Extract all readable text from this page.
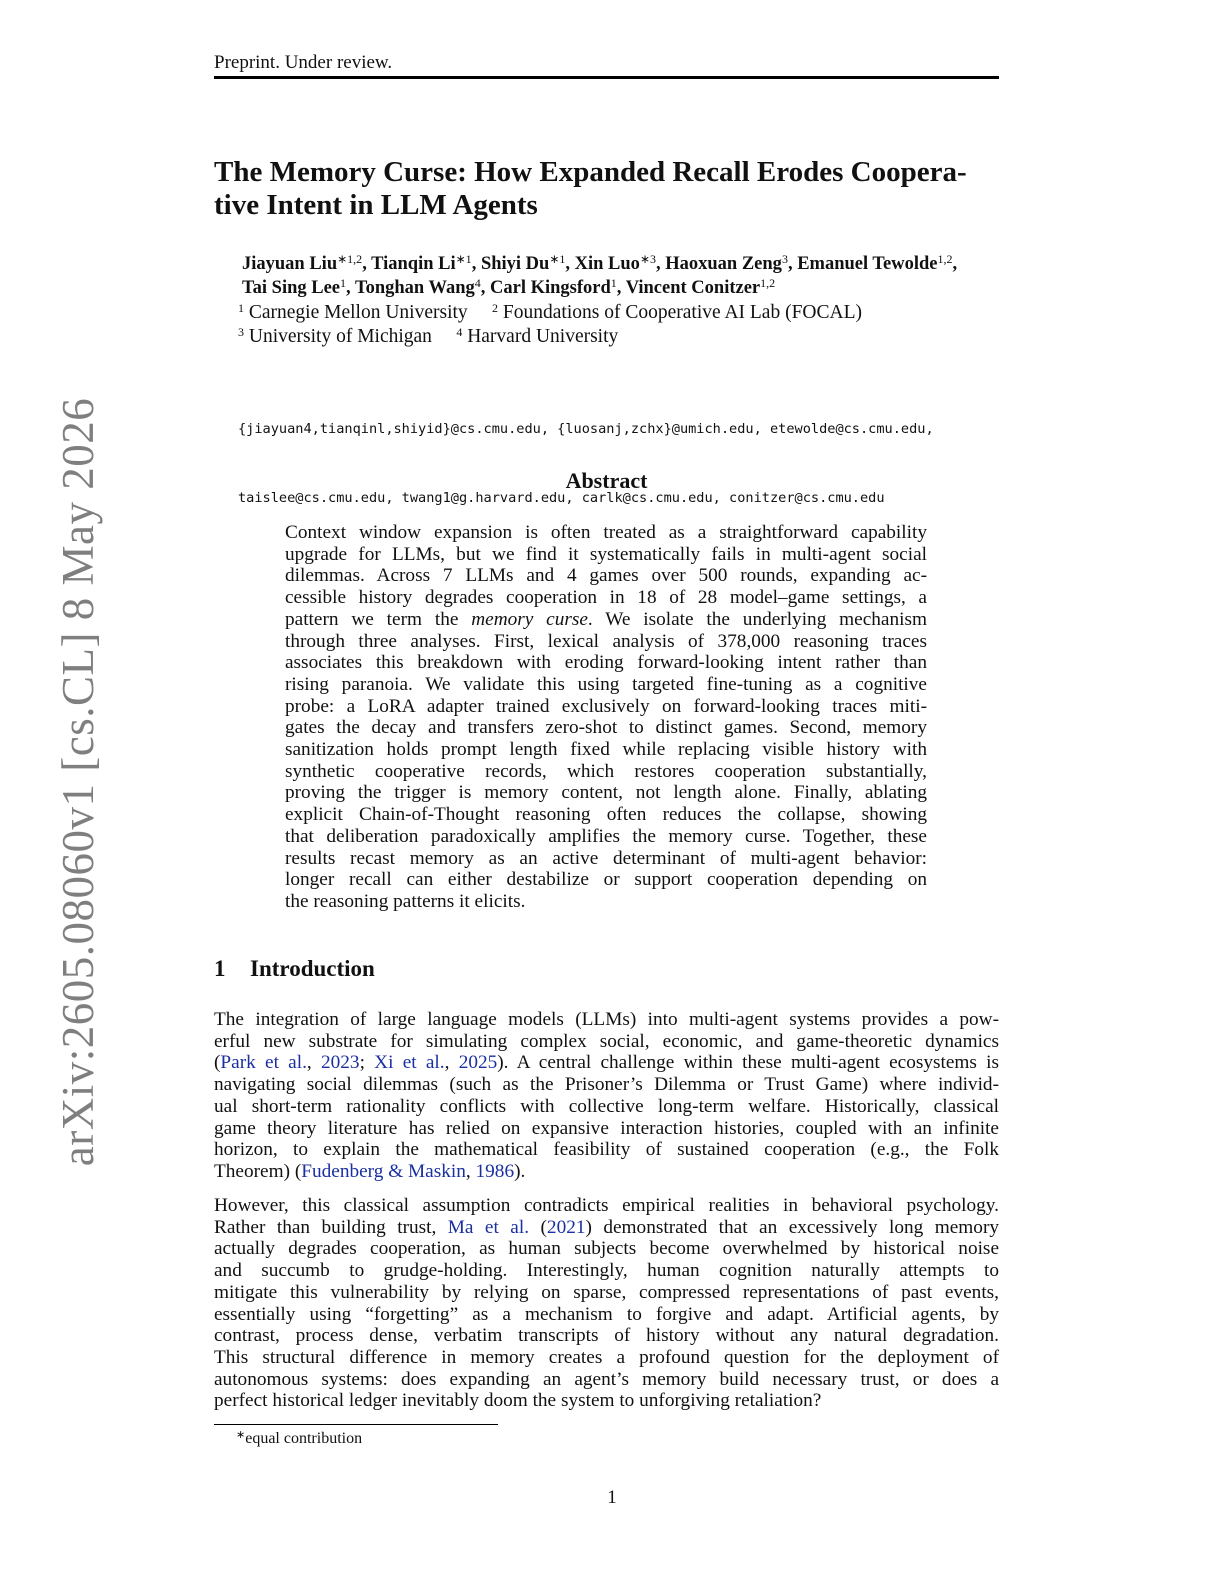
arXiv:2605.08060v1 [cs.CL] 8 May 2026
Preprint. Under review.
The Memory Curse: How Expanded Recall Erodes Coopera-
tive Intent in LLM Agents
Jiayuan Liu$^{∗1,2}$, Tianqin $Li^{∗1}$, Shiyi $Du^{∗1}$, Xin Luo$^{∗3}$, Haoxuan Zeng$^3$, Emanuel Tewolde$^{1,2}$,
Tai Sing Lee$^1$, Tonghan Wang$^4$, Carl Kingsford$^1$, Vincent Conitzer$^{1,2}$
$^1$ Carnegie Mellon University $^2$ Foundations of Cooperative AI Lab (FOCAL)
$^3$ University of Michigan $^4$ Harvard University

{jiayuan4,tianqinl,shiyid}@cs.cmu.edu, {luosanj,zchx}@umich.edu, etewolde@cs.cmu.edu,

taislee@cs.cmu.edu, twang1@g.harvard.edu, carlk@cs.cmu.edu, conitzer@cs.cmu.edu

Abstract
Context window expansion is often treated as a straightforward capability
upgrade for LLMs, but we find it systematically fails in multi-agent social
dilemmas. Across 7 LLMs and 4 games over 500 rounds, expanding ac-
cessible history degrades cooperation in 18 of 28 model–game settings, a
pattern we term the memory curse. We isolate the underlying mechanism
through three analyses. First, lexical analysis of 378,000 reasoning traces
associates this breakdown with eroding forward-looking intent rather than
rising paranoia. We validate this using targeted fine-tuning as a cognitive
probe: a LoRA adapter trained exclusively on forward-looking traces miti-
gates the decay and transfers zero-shot to distinct games. Second, memory
sanitization holds prompt length fixed while replacing visible history with
synthetic cooperative records, which restores cooperation substantially,
proving the trigger is memory content, not length alone. Finally, ablating
explicit Chain-of-Thought reasoning often reduces the collapse, showing
that deliberation paradoxically amplifies the memory curse. Together, these
results recast memory as an active determinant of multi-agent behavior:
longer recall can either destabilize or support cooperation depending on
the reasoning patterns it elicits.
1 Introduction
The integration of large language models (LLMs) into multi-agent systems provides a pow-
erful new substrate for simulating complex social, economic, and game-theoretic dynamics
(Park et al., 2023; Xi et al., 2025). A central challenge within these multi-agent ecosystems is
navigating social dilemmas (such as the Prisoner’s Dilemma or Trust Game) where individ-
ual short-term rationality conflicts with collective long-term welfare. Historically, classical
game theory literature has relied on expansive interaction histories, coupled with an infinite
horizon, to explain the mathematical feasibility of sustained cooperation (e.g., the Folk
Theorem) (Fudenberg & Maskin, 1986).
However, this classical assumption contradicts empirical realities in behavioral psychology.
Rather than building trust, Ma et al. (2021) demonstrated that an excessively long memory
actually degrades cooperation, as human subjects become overwhelmed by historical noise
and succumb to grudge-holding. Interestingly, human cognition naturally attempts to
mitigate this vulnerability by relying on sparse, compressed representations of past events,
essentially using “forgetting” as a mechanism to forgive and adapt. Artificial agents, by
contrast, process dense, verbatim transcripts of history without any natural degradation.
This structural difference in memory creates a profound question for the deployment of
autonomous systems: does expanding an agent’s memory build necessary trust, or does a
perfect historical ledger inevitably doom the system to unforgiving retaliation?
∗equal contribution
1
